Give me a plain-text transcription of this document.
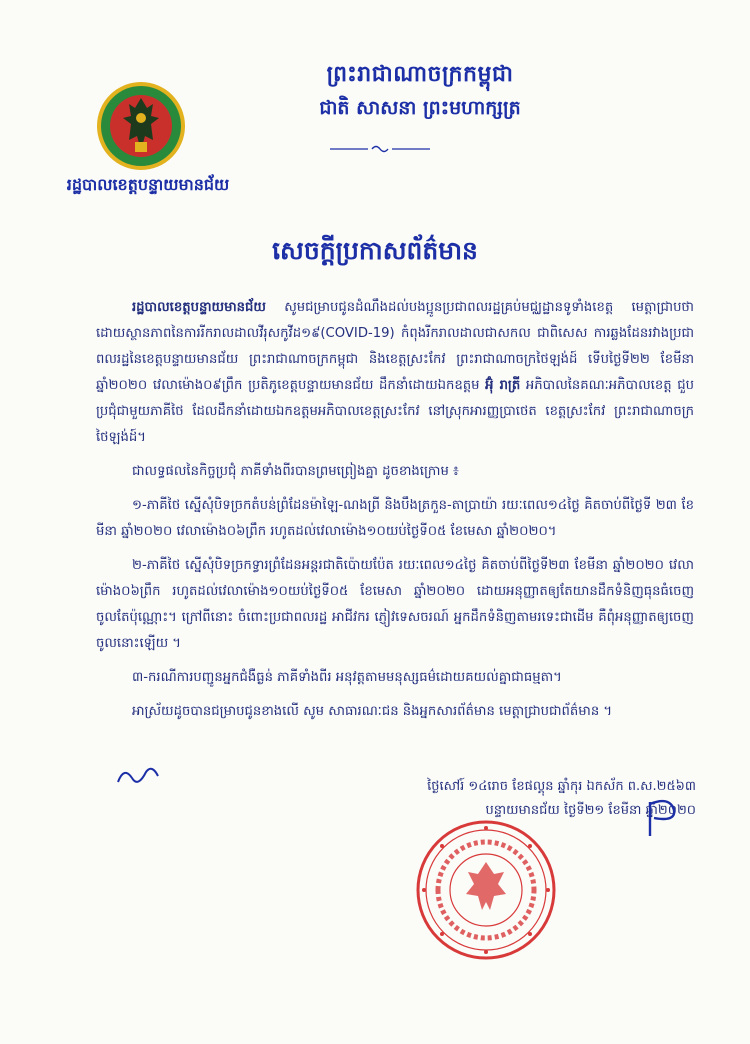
រដ្ឋបាលខេត្តបន្ទាយមានជ័យ
ព្រះរាជាណាចក្រកម្ពុជា
ជាតិ សាសនា ព្រះមហាក្សត្រ
សេចក្តីប្រកាសព័ត៌មាន

រដ្ឋបាលខេត្តបន្ទាយមានជ័យ សូមជម្រាបជូនដំណឹងដល់បងប្អូនប្រជាពលរដ្ឋគ្រប់មជ្ឈដ្ឋានទូទាំងខេត្ត មេត្តាជ្រាបថា ដោយស្ថានភាពនៃការរីករាលដាលវីរុសកូវីដ១៩(COVID-19) កំពុងរីករាលដាលជាសកល ជាពិសេស ការឆ្លងដែនរវាងប្រជាពលរដ្ឋនៃខេត្តបន្ទាយមានជ័យ ព្រះរាជាណាចក្រកម្ពុជា និងខេត្តស្រះកែវ ព្រះរាជាណាចក្រថៃឡង់ដ៍ ទើបថ្ងៃទី២២ ខែមីនា ឆ្នាំ២០២០ វេលាម៉ោង០៩ព្រឹក ប្រតិភូខេត្តបន្ទាយមានជ័យ ដឹកនាំដោយឯកឧត្តម អ៊ុំ រាត្រី អភិបាលនៃគណៈអភិបាលខេត្ត ជួបប្រជុំជាមួយភាគីថៃ ដែលដឹកនាំដោយឯកឧត្តមអភិបាលខេត្តស្រះកែវ នៅស្រុកអារញ្ញប្រាថេត ខេត្តស្រះកែវ ព្រះរាជាណាចក្រថៃឡង់ដ៍។

ជាលទ្ធផលនៃកិច្ចប្រជុំ ភាគីទាំងពីរបានព្រមព្រៀងគ្នា ដូចខាងក្រោម ៖

១-ភាគីថៃ ស្នើសុំបិទច្រកតំបន់ព្រំដែនម៉ាឡៃ-ណងព្រី និងបឹងត្រកួន-តាប្រាយ៉ា រយៈពេល១៤ថ្ងៃ គិតចាប់ពីថ្ងៃទី ២៣ ខែមីនា ឆ្នាំ២០២០ វេលាម៉ោង០៦ព្រឹក រហូតដល់វេលាម៉ោង១០យប់ថ្ងៃទី០៥ ខែមេសា ឆ្នាំ២០២០។

២-ភាគីថៃ ស្នើសុំបិទច្រកទ្វារព្រំដែនអន្តរជាតិប៉ោយប៉ែត រយៈពេល១៤ថ្ងៃ គិតចាប់ពីថ្ងៃទី២៣ ខែមីនា ឆ្នាំ២០២០ វេលាម៉ោង០៦ព្រឹក រហូតដល់វេលាម៉ោង១០យប់ថ្ងៃទី០៥ ខែមេសា ឆ្នាំ២០២០ ដោយអនុញ្ញាតឲ្យតែយានដឹកទំនិញធុនធំចេញចូលតែប៉ុណ្ណោះ។ ក្រៅពីនោះ ចំពោះប្រជាពលរដ្ឋ អាជីវករ ភ្ញៀវទេសចរណ៍ អ្នកដឹកទំនិញតាមរទេះជាដើម គឺពុំអនុញ្ញាតឲ្យចេញចូលនោះឡើយ ។

៣-ករណីការបញ្ជូនអ្នកជំងឺធ្ងន់ ភាគីទាំងពីរ អនុវត្តតាមមនុស្សធម៌ដោយគយល់គ្នាជាធម្មតា។

អាស្រ័យដូចបានជម្រាបជូនខាងលើ សូម សាធារណៈជន និងអ្នកសារព័ត៌មាន មេត្តាជ្រាបជាព័ត៌មាន ។

ថ្ងៃសៅរ៍ ១៤រោច ខែផល្គុន ឆ្នាំកុរ ឯកស័ក ព.ស.២៥៦៣
បន្ទាយមានជ័យ ថ្ងៃទី២១ ខែមីនា ឆ្នាំ២០២០
